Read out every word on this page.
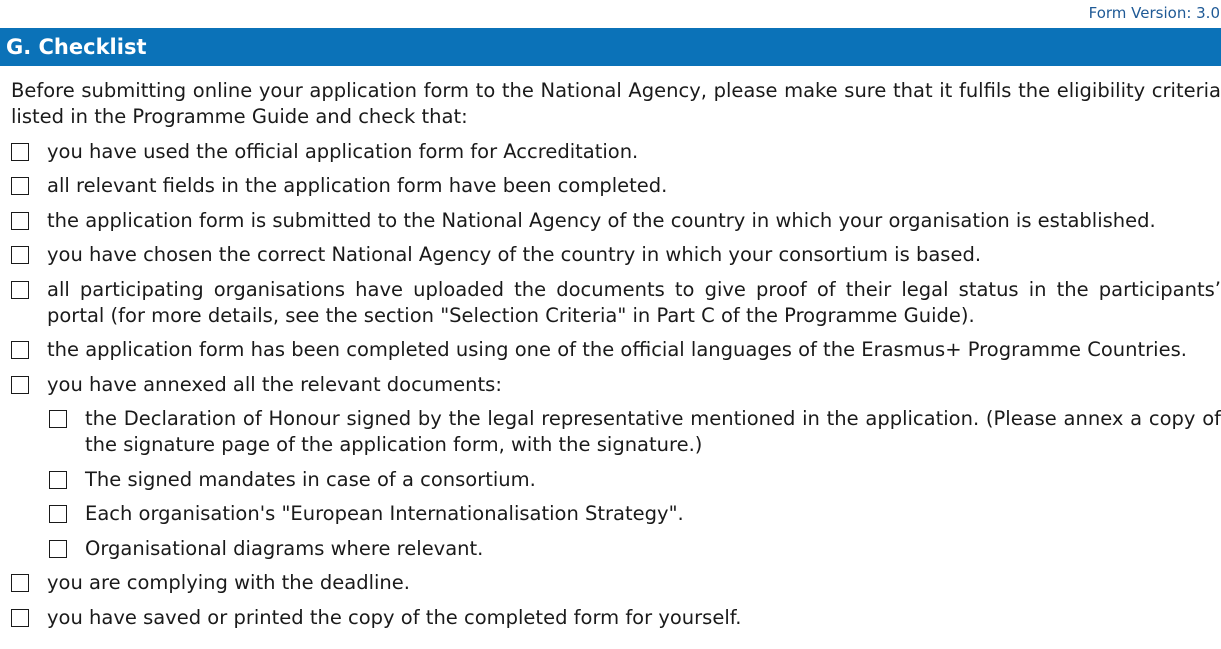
Form Version: 3.0
G. Checklist

Before submitting online your application form to the National Agency, please make sure that it fulfils the eligibility criteria listed in the Programme Guide and check that:

you have used the official application form for Accreditation.
all relevant fields in the application form have been completed.
the application form is submitted to the National Agency of the country in which your organisation is established.
you have chosen the correct National Agency of the country in which your consortium is based.
all participating organisations have uploaded the documents to give proof of their legal status in the participants’ portal (for more details, see the section "Selection Criteria" in Part C of the Programme Guide).
the application form has been completed using one of the official languages of the Erasmus+ Programme Countries.
you have annexed all the relevant documents:
the Declaration of Honour signed by the legal representative mentioned in the application. (Please annex a copy of the signature page of the application form, with the signature.)
The signed mandates in case of a consortium.
Each organisation's "European Internationalisation Strategy".
Organisational diagrams where relevant.
you are complying with the deadline.
you have saved or printed the copy of the completed form for yourself.
